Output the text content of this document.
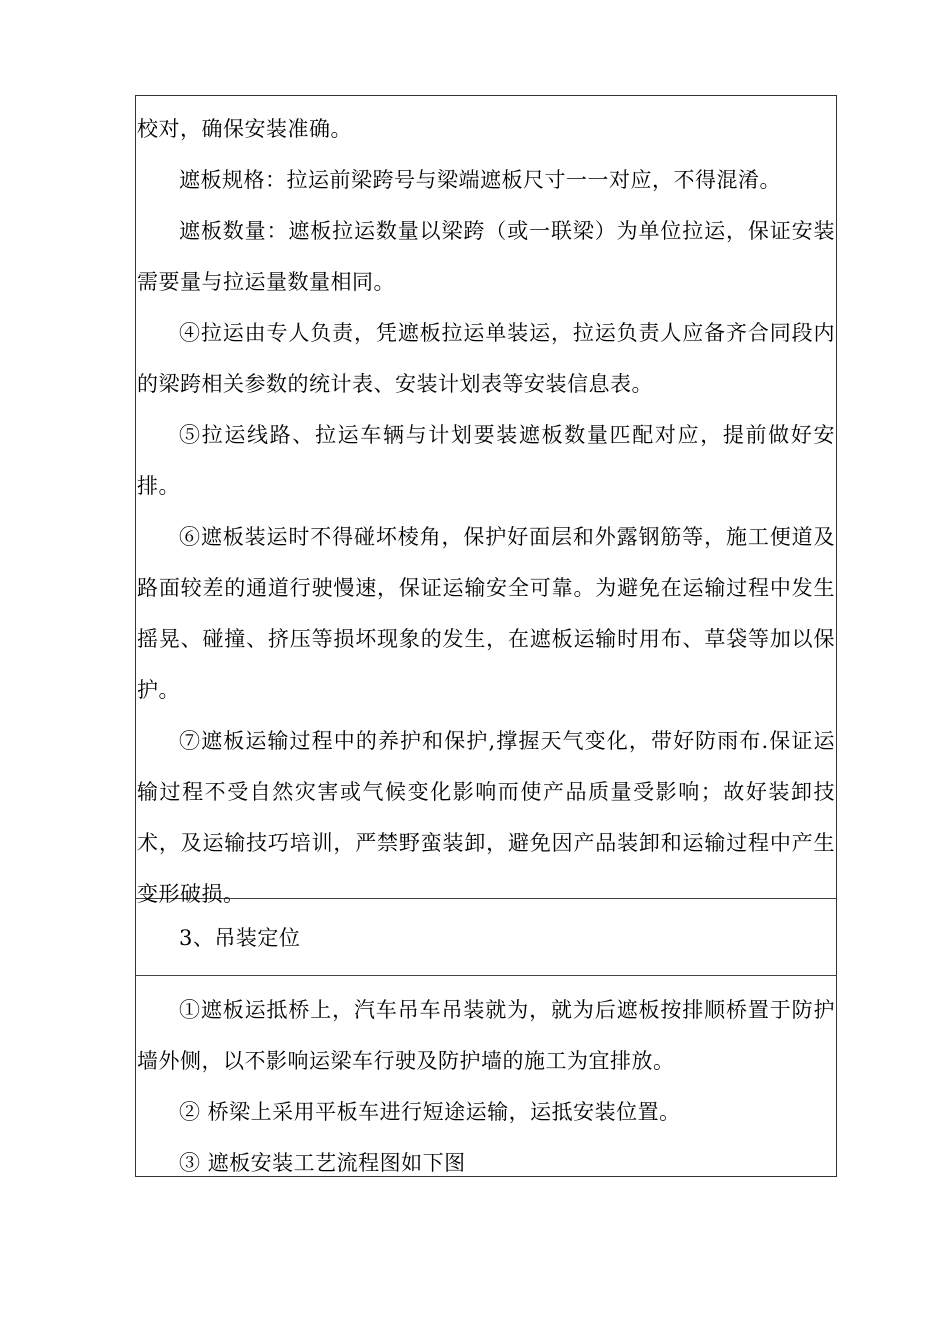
校对，确保安装准确。

遮板规格：拉运前梁跨号与梁端遮板尺寸一一对应，不得混淆。

遮板数量：遮板拉运数量以梁跨（或一联梁）为单位拉运，保证安装需要量与拉运量数量相同。

④拉运由专人负责，凭遮板拉运单装运，拉运负责人应备齐合同段内的梁跨相关参数的统计表、安装计划表等安装信息表。

⑤拉运线路、拉运车辆与计划要装遮板数量匹配对应，提前做好安排。

⑥遮板装运时不得碰坏棱角，保护好面层和外露钢筋等，施工便道及路面较差的通道行驶慢速，保证运输安全可靠。为避免在运输过程中发生摇晃、碰撞、挤压等损坏现象的发生，在遮板运输时用布、草袋等加以保护。

⑦遮板运输过程中的养护和保护,撑握天气变化，带好防雨布.保证运输过程不受自然灾害或气候变化影响而使产品质量受影响；故好装卸技术，及运输技巧培训，严禁野蛮装卸，避免因产品装卸和运输过程中产生变形破损。

3、吊装定位

①遮板运抵桥上，汽车吊车吊装就为，就为后遮板按排顺桥置于防护墙外侧，以不影响运梁车行驶及防护墙的施工为宜排放。

② 桥梁上采用平板车进行短途运输，运抵安装位置。

③ 遮板安装工艺流程图如下图
